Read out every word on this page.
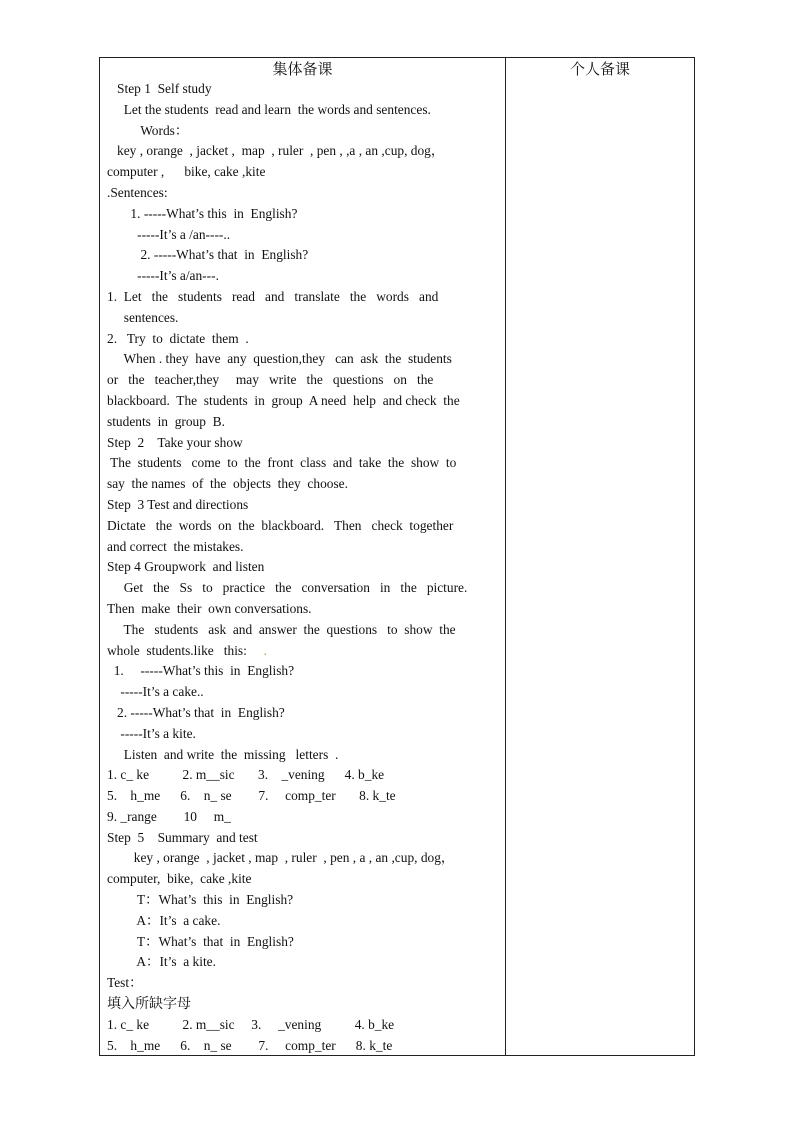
集体备课
Step 1  Self study
Let the students  read and learn  the words and sentences.
Words：
key , orange  , jacket ,  map  , ruler  , pen , ,a , an ,cup, dog，
computer ,      bike, cake ,kite
.Sentences:
1. -----What’s this  in  English?
-----It’s a /an----..
2. -----What’s that  in  English?
-----It’s a/an---.
1.  Let   the   students   read   and   translate   the   words   and
sentences.
2.   Try  to  dictate  them  .
When . they  have  any  question,they   can  ask  the  students
or   the   teacher,they     may   write   the   questions   on   the
blackboard.  The  students  in  group  A need  help  and check  the
students  in  group  B.
Step  2    Take your show
The  students   come  to  the  front  class  and  take  the  show  to
say  the names  of  the  objects  they  choose.
Step  3 Test and directions
Dictate   the  words  on  the  blackboard.   Then   check  together
and correct  the mistakes.
Step 4 Groupwork  and listen
Get   the   Ss   to   practice   the   conversation   in   the   picture.
Then  make  their  own conversations.
The   students   ask  and  answer  the  questions   to  show  the
whole  students.like   this: .
1.     -----What’s this  in  English?
-----It’s a cake..
2. -----What’s that  in  English?
-----It’s a kite.
Listen  and write  the  missing   letters  .
1. c_ ke          2. m__sic       3.    _vening      4. b_ke
5.    h_me      6.    n_ se        7.     comp_ter       8. k_te
9. _range        10     m_
Step  5    Summary  and test
key , orange  , jacket , map  , ruler  , pen , a , an ,cup, dog，
computer,  bike,  cake ,kite
T：What’s  this  in  English?
A：It’s  a cake.
T：What’s  that  in  English?
A：It’s  a kite.
Test：
填入所缺字母
1. c_ ke          2. m__sic     3.     _vening          4. b_ke
5.    h_me      6.    n_ se        7.     comp_ter      8. k_te
个人备课
